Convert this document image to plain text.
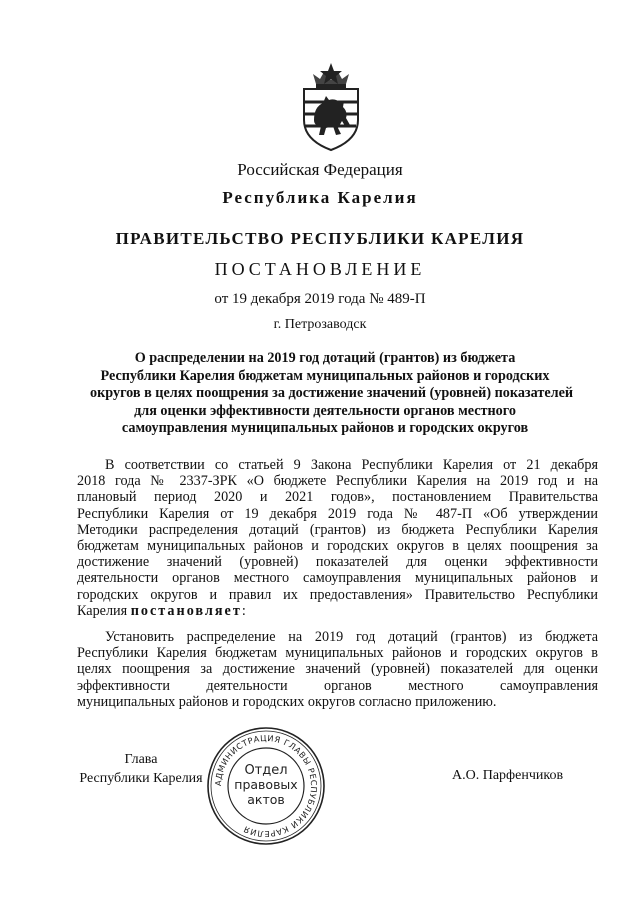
Российская Федерация
Республика Карелия
ПРАВИТЕЛЬСТВО РЕСПУБЛИКИ КАРЕЛИЯ
ПОСТАНОВЛЕНИЕ
от 19 декабря 2019 года № 489-П
г. Петрозаводск
О распределении на 2019 год дотаций (грантов) из бюджета
Республики Карелия бюджетам муниципальных районов и городских
округов в целях поощрения за достижение значений (уровней) показателей
для оценки эффективности деятельности органов местного
самоуправления муниципальных районов и городских округов
В соответствии со статьей 9 Закона Республики Карелия от 21 декабря
2018 года № 2337-ЗРК «О бюджете Республики Карелия на 2019 год и на
плановый период 2020 и 2021 годов», постановлением Правительства
Республики Карелия от 19 декабря 2019 года № 487-П «Об утверждении
Методики распределения дотаций (грантов) из бюджета Республики Карелия
бюджетам муниципальных районов и городских округов в целях поощрения за
достижение значений (уровней) показателей для оценки эффективности
деятельности органов местного самоуправления муниципальных районов и
городских округов и правил их предоставления» Правительство Республики
Карелия постановляет:
Установить распределение на 2019 год дотаций (грантов) из бюджета
Республики Карелия бюджетам муниципальных районов и городских округов в
целях поощрения за достижение значений (уровней) показателей для оценки
эффективности деятельности органов местного самоуправления
муниципальных районов и городских округов согласно приложению.
Глава
Республики Карелия	АДМИНИСТРАЦИЯ ГЛАВЫ РЕСПУБЛИКИ КАРЕЛИЯ
Отдел
правовых
актов
А.О. Парфенчиков
